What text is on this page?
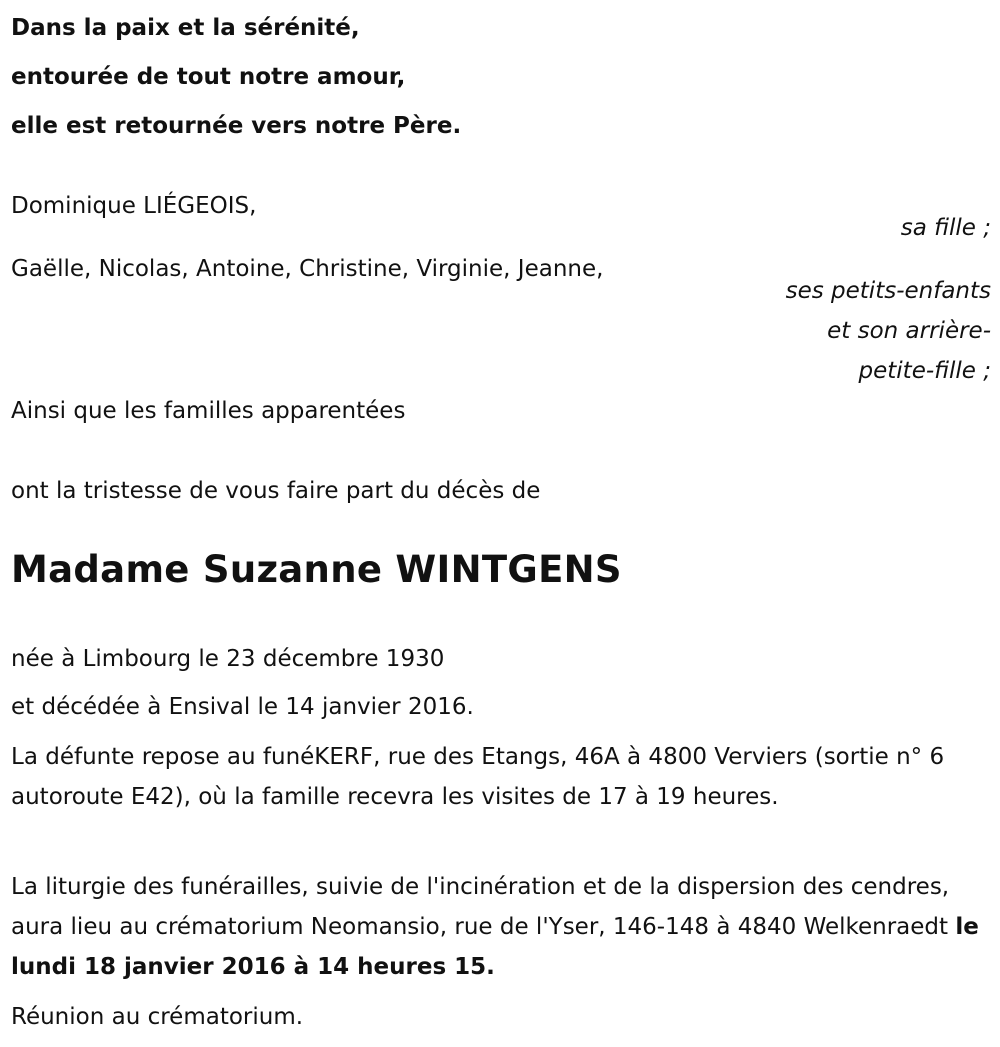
Dans la paix et la sérénité,
entourée de tout notre amour,
elle est retournée vers notre Père.
Dominique LIÉGEOIS,
sa fille ;
Gaëlle, Nicolas, Antoine, Christine, Virginie, Jeanne,
ses petits-enfants
et son arrière-
petite-fille ;
Ainsi que les familles apparentées
ont la tristesse de vous faire part du décès de
Madame Suzanne WINTGENS
née à Limbourg le 23 décembre 1930
et décédée à Ensival le 14 janvier 2016.
La défunte repose au funéKERF, rue des Etangs, 46A à 4800 Verviers (sortie n° 6 autoroute E42), où la famille recevra les visites de 17 à 19 heures.
La liturgie des funérailles, suivie de l'incinération et de la dispersion des cendres, aura lieu au crématorium Neomansio, rue de l'Yser, 146-148 à 4840 Welkenraedt le lundi 18 janvier 2016 à 14 heures 15.
Réunion au crématorium.
